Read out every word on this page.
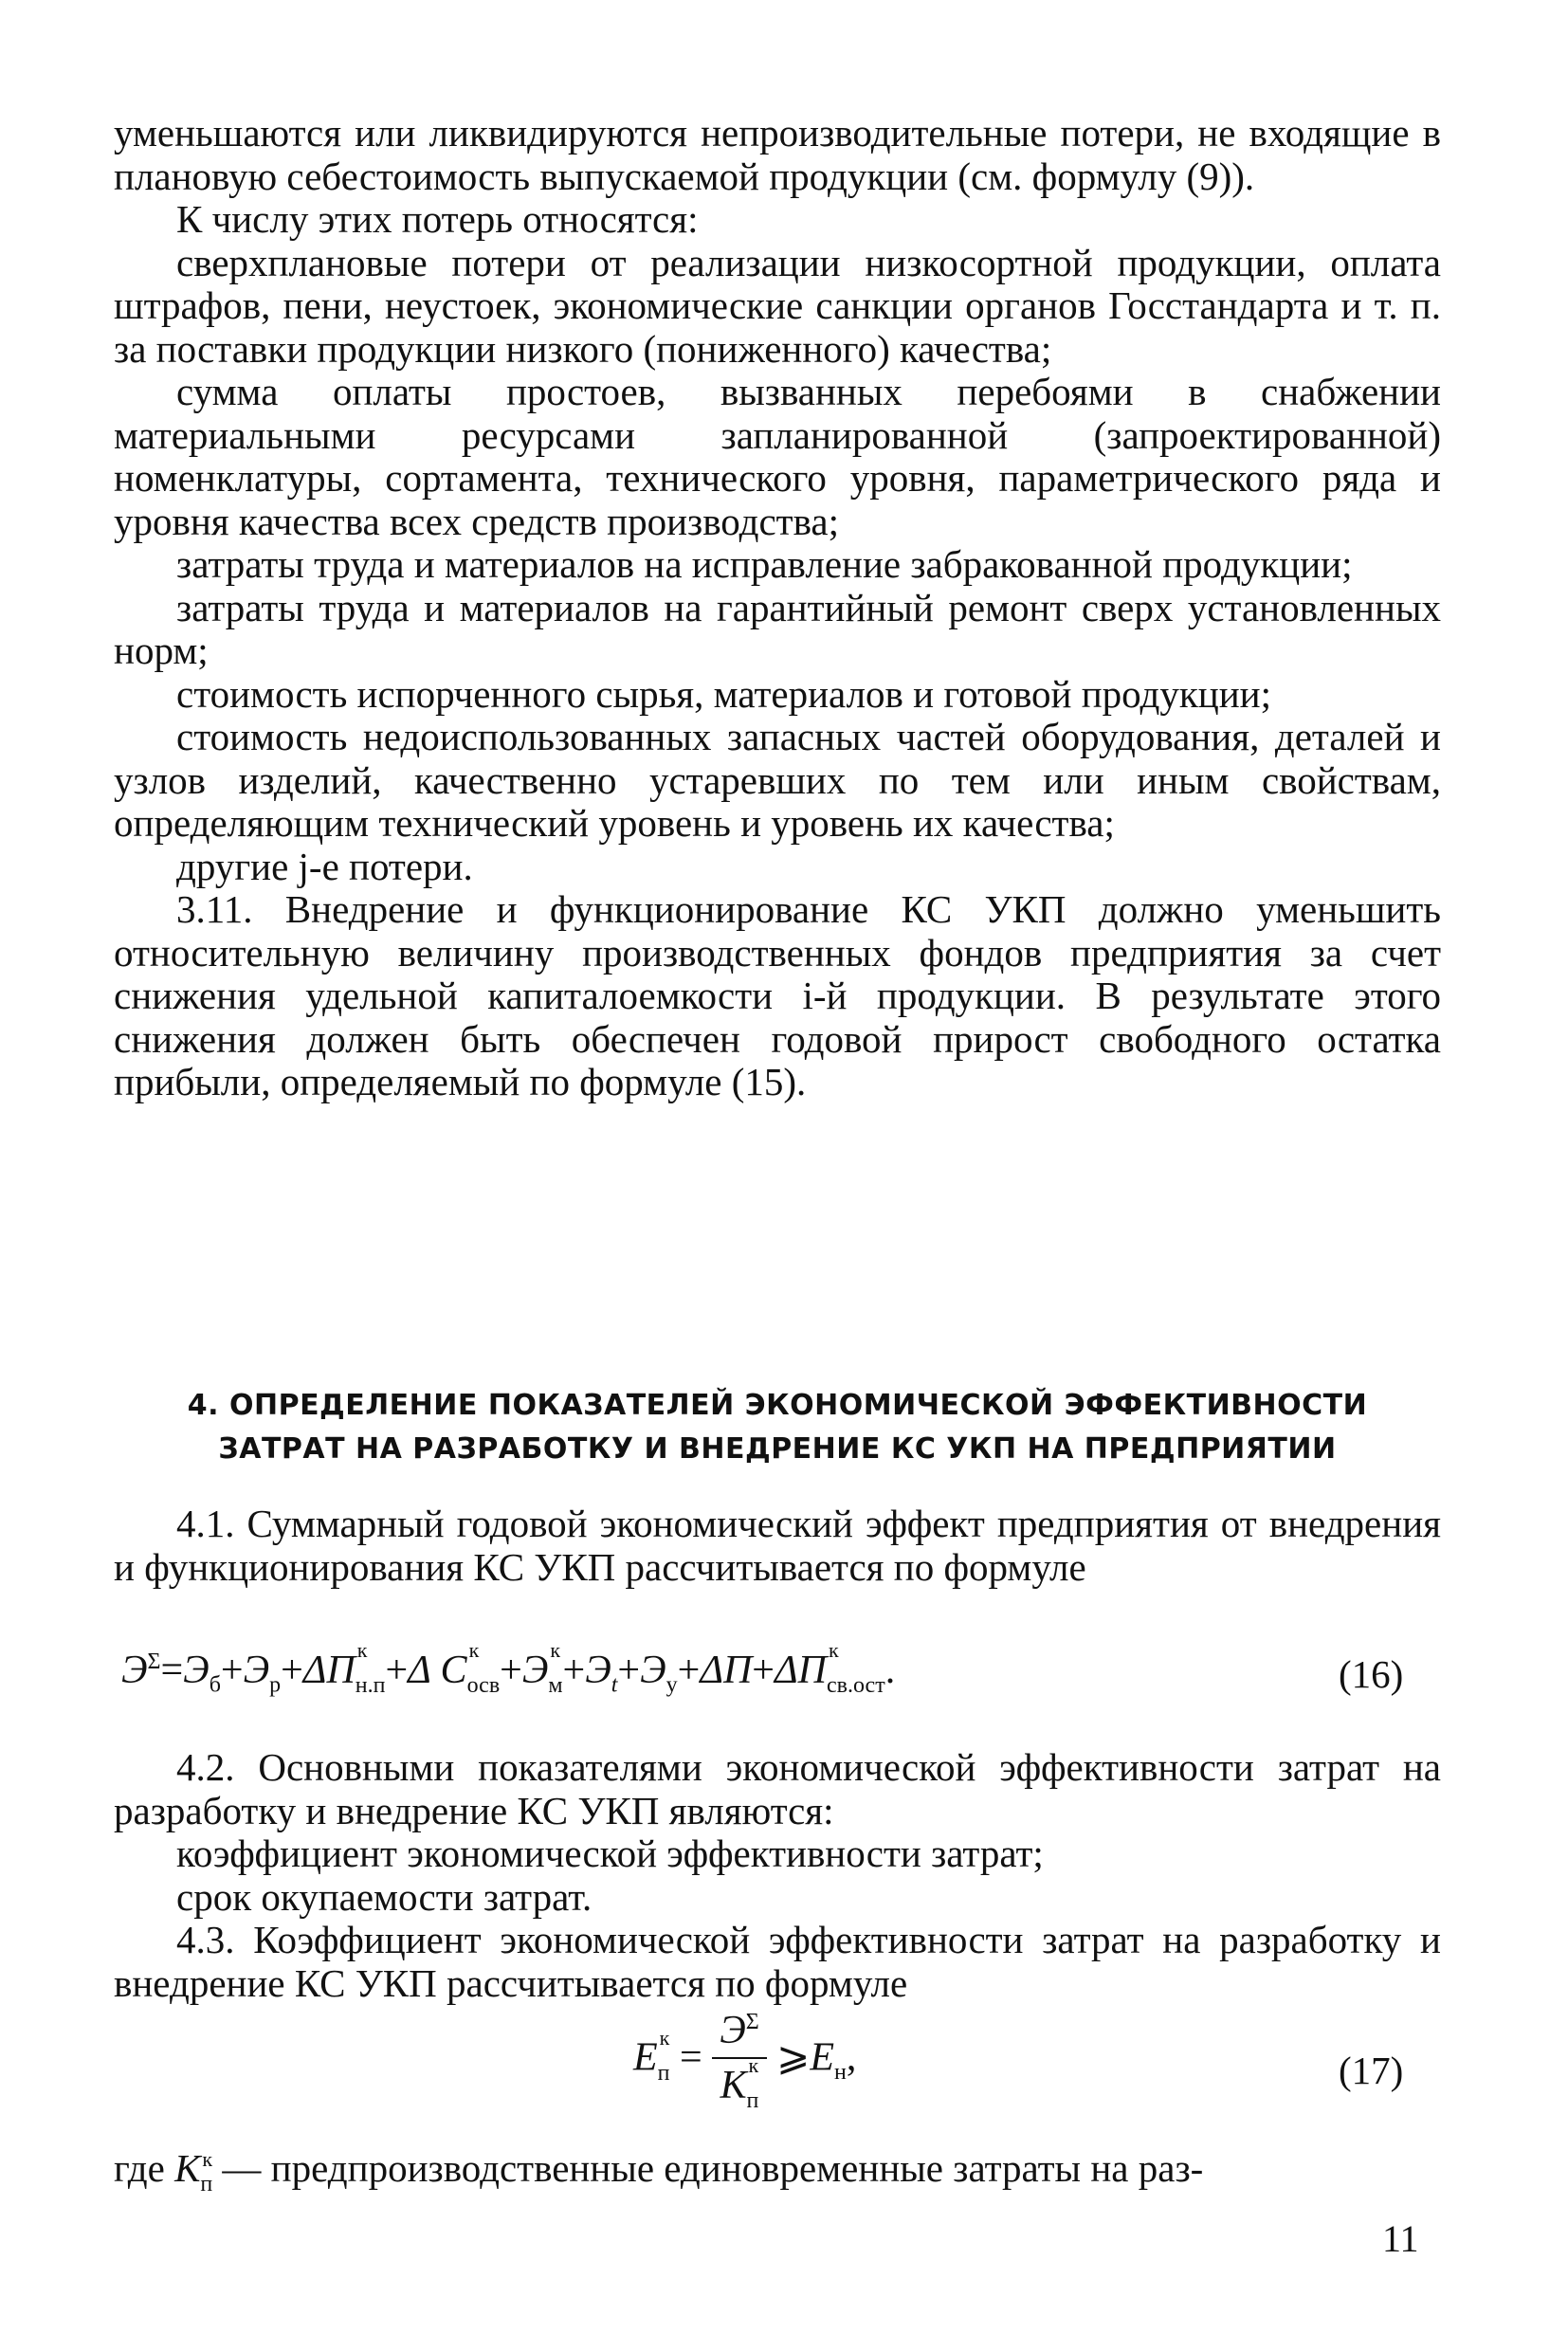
уменьшаются или ликвидируются непроизводительные потери, не входящие в плановую себестоимость выпускаемой продукции (см. формулу (9)).

К числу этих потерь относятся:

сверхплановые потери от реализации низкосортной продукции, оплата штрафов, пени, неустоек, экономические санкции органов Госстандарта и т. п. за поставки продукции низкого (пониженного) качества;

сумма оплаты простоев, вызванных перебоями в снабжении материальными ресурсами запланированной (запроектированной) номенклатуры, сортамента, технического уровня, параметрического ряда и уровня качества всех средств производства;

затраты труда и материалов на исправление забракованной продукции;

затраты труда и материалов на гарантийный ремонт сверх установленных норм;

стоимость испорченного сырья, материалов и готовой продукции;

стоимость недоиспользованных запасных частей оборудования, деталей и узлов изделий, качественно устаревших по тем или иным свойствам, определяющим технический уровень и уровень их качества;

другие j-е потери.

3.11. Внедрение и функционирование КС УКП должно уменьшить относительную величину производственных фондов предприятия за счет снижения удельной капиталоемкости i-й продукции. В результате этого снижения должен быть обеспечен годовой прирост свободного остатка прибыли, определяемый по формуле (15).

4. ОПРЕДЕЛЕНИЕ ПОКАЗАТЕЛЕЙ ЭКОНОМИЧЕСКОЙ ЭФФЕКТИВНОСТИ
ЗАТРАТ НА РАЗРАБОТКУ И ВНЕДРЕНИЕ КС УКП НА ПРЕДПРИЯТИИ

4.1. Суммарный годовой экономический эффект предприятия от внедрения и функционирования КС УКП рассчитывается по формуле

$Э^\Sigma=Э_б+Э_р+\Delta П$ к
н.п+Δ С к
осв+Э к
$м+Э_t+Э_у+\Delta П+\Delta П$ к
св.ост.	(16)

4.2. Основными показателями экономической эффективности затрат на разработку и внедрение КС УКП являются:

коэффициент экономической эффективности затрат;

срок окупаемости затрат.

4.3. Коэффициент экономической эффективности затрат на разработку и внедрение КС УКП рассчитывается по формуле

E к
$п = Э^\Sigma$
К к
п $⩾E_н$,	(17)

где К к
п — предпроизводственные единовременные затраты на раз-

11
